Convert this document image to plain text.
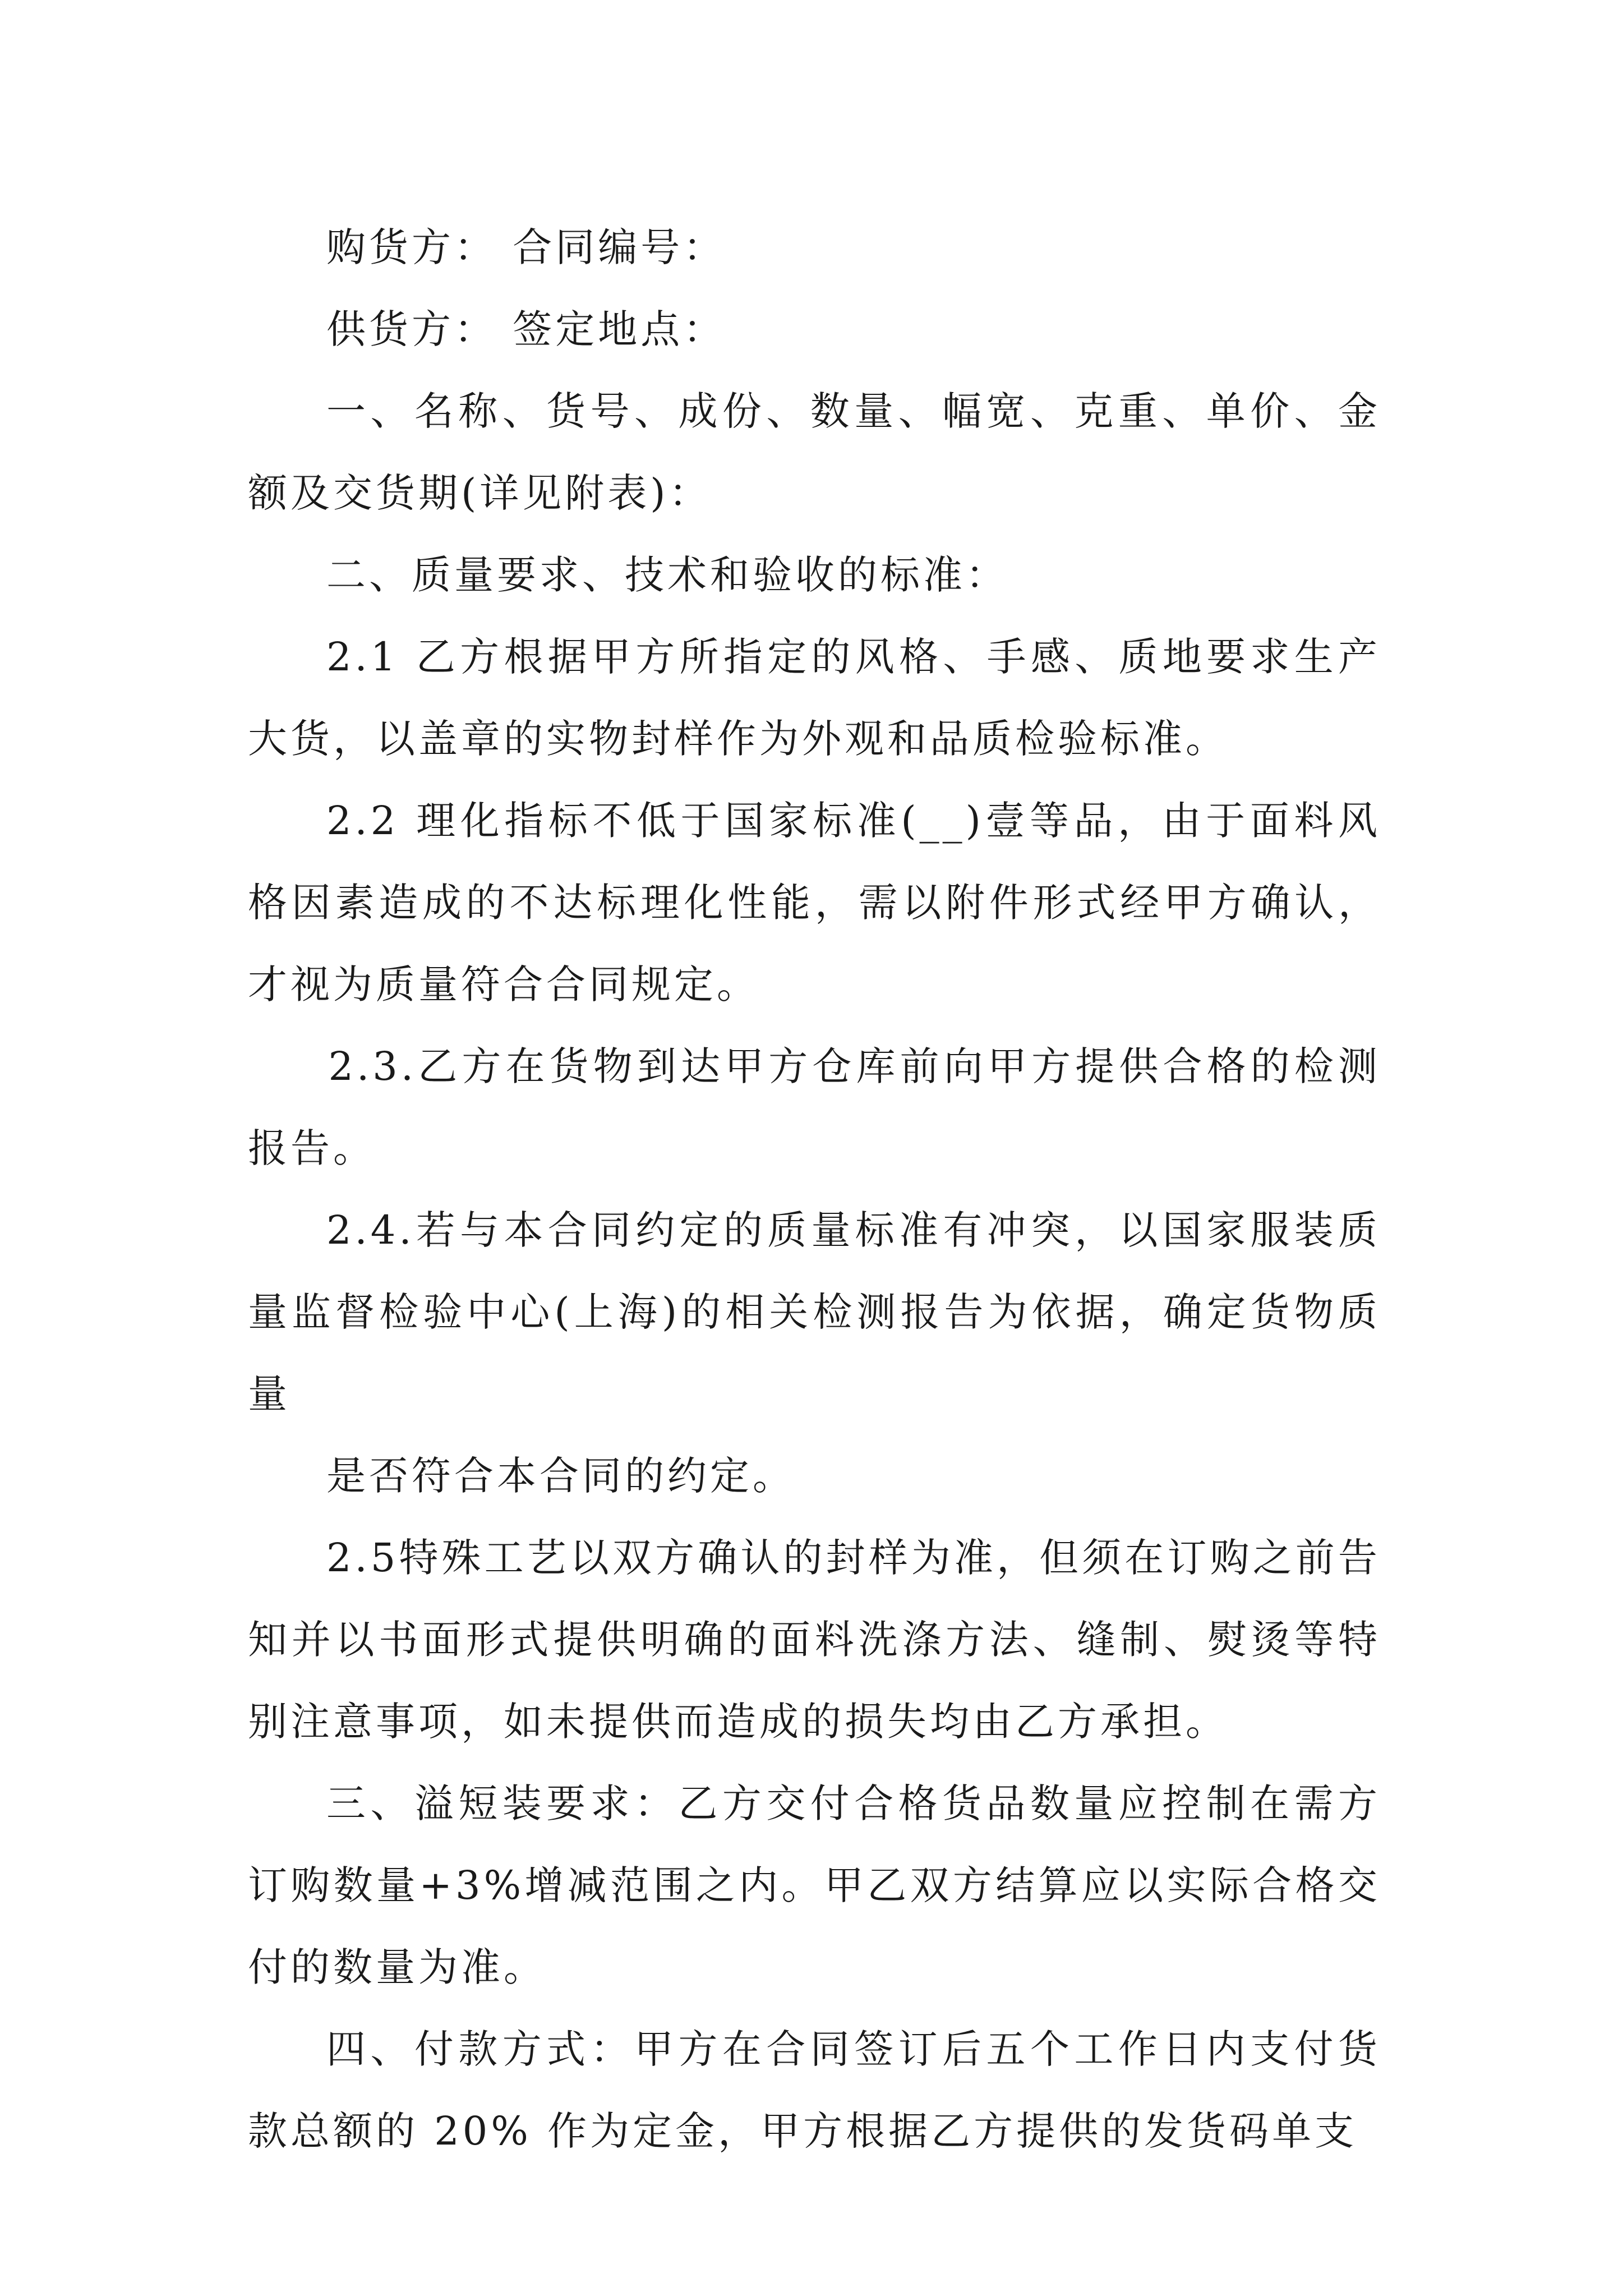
购货方： 合同编号：

供货方： 签定地点：

一、名称、货号、成份、数量、幅宽、克重、单价、金额及交货期(详见附表)：

二、质量要求、技术和验收的标准：

2.1 乙方根据甲方所指定的风格、手感、质地要求生产大货，以盖章的实物封样作为外观和品质检验标准。

2.2 理化指标不低于国家标准(__)壹等品，由于面料风格因素造成的不达标理化性能，需以附件形式经甲方确认，才视为质量符合合同规定。

2.3.乙方在货物到达甲方仓库前向甲方提供合格的检测报告。

2.4.若与本合同约定的质量标准有冲突，以国家服装质量监督检验中心(上海)的相关检测报告为依据，确定货物质量

是否符合本合同的约定。

2.5特殊工艺以双方确认的封样为准，但须在订购之前告知并以书面形式提供明确的面料洗涤方法、缝制、熨烫等特别注意事项，如未提供而造成的损失均由乙方承担。

三、溢短装要求：乙方交付合格货品数量应控制在需方订购数量+3%增减范围之内。甲乙双方结算应以实际合格交付的数量为准。

四、付款方式：甲方在合同签订后五个工作日内支付货款总额的 20% 作为定金，甲方根据乙方提供的发货码单支
